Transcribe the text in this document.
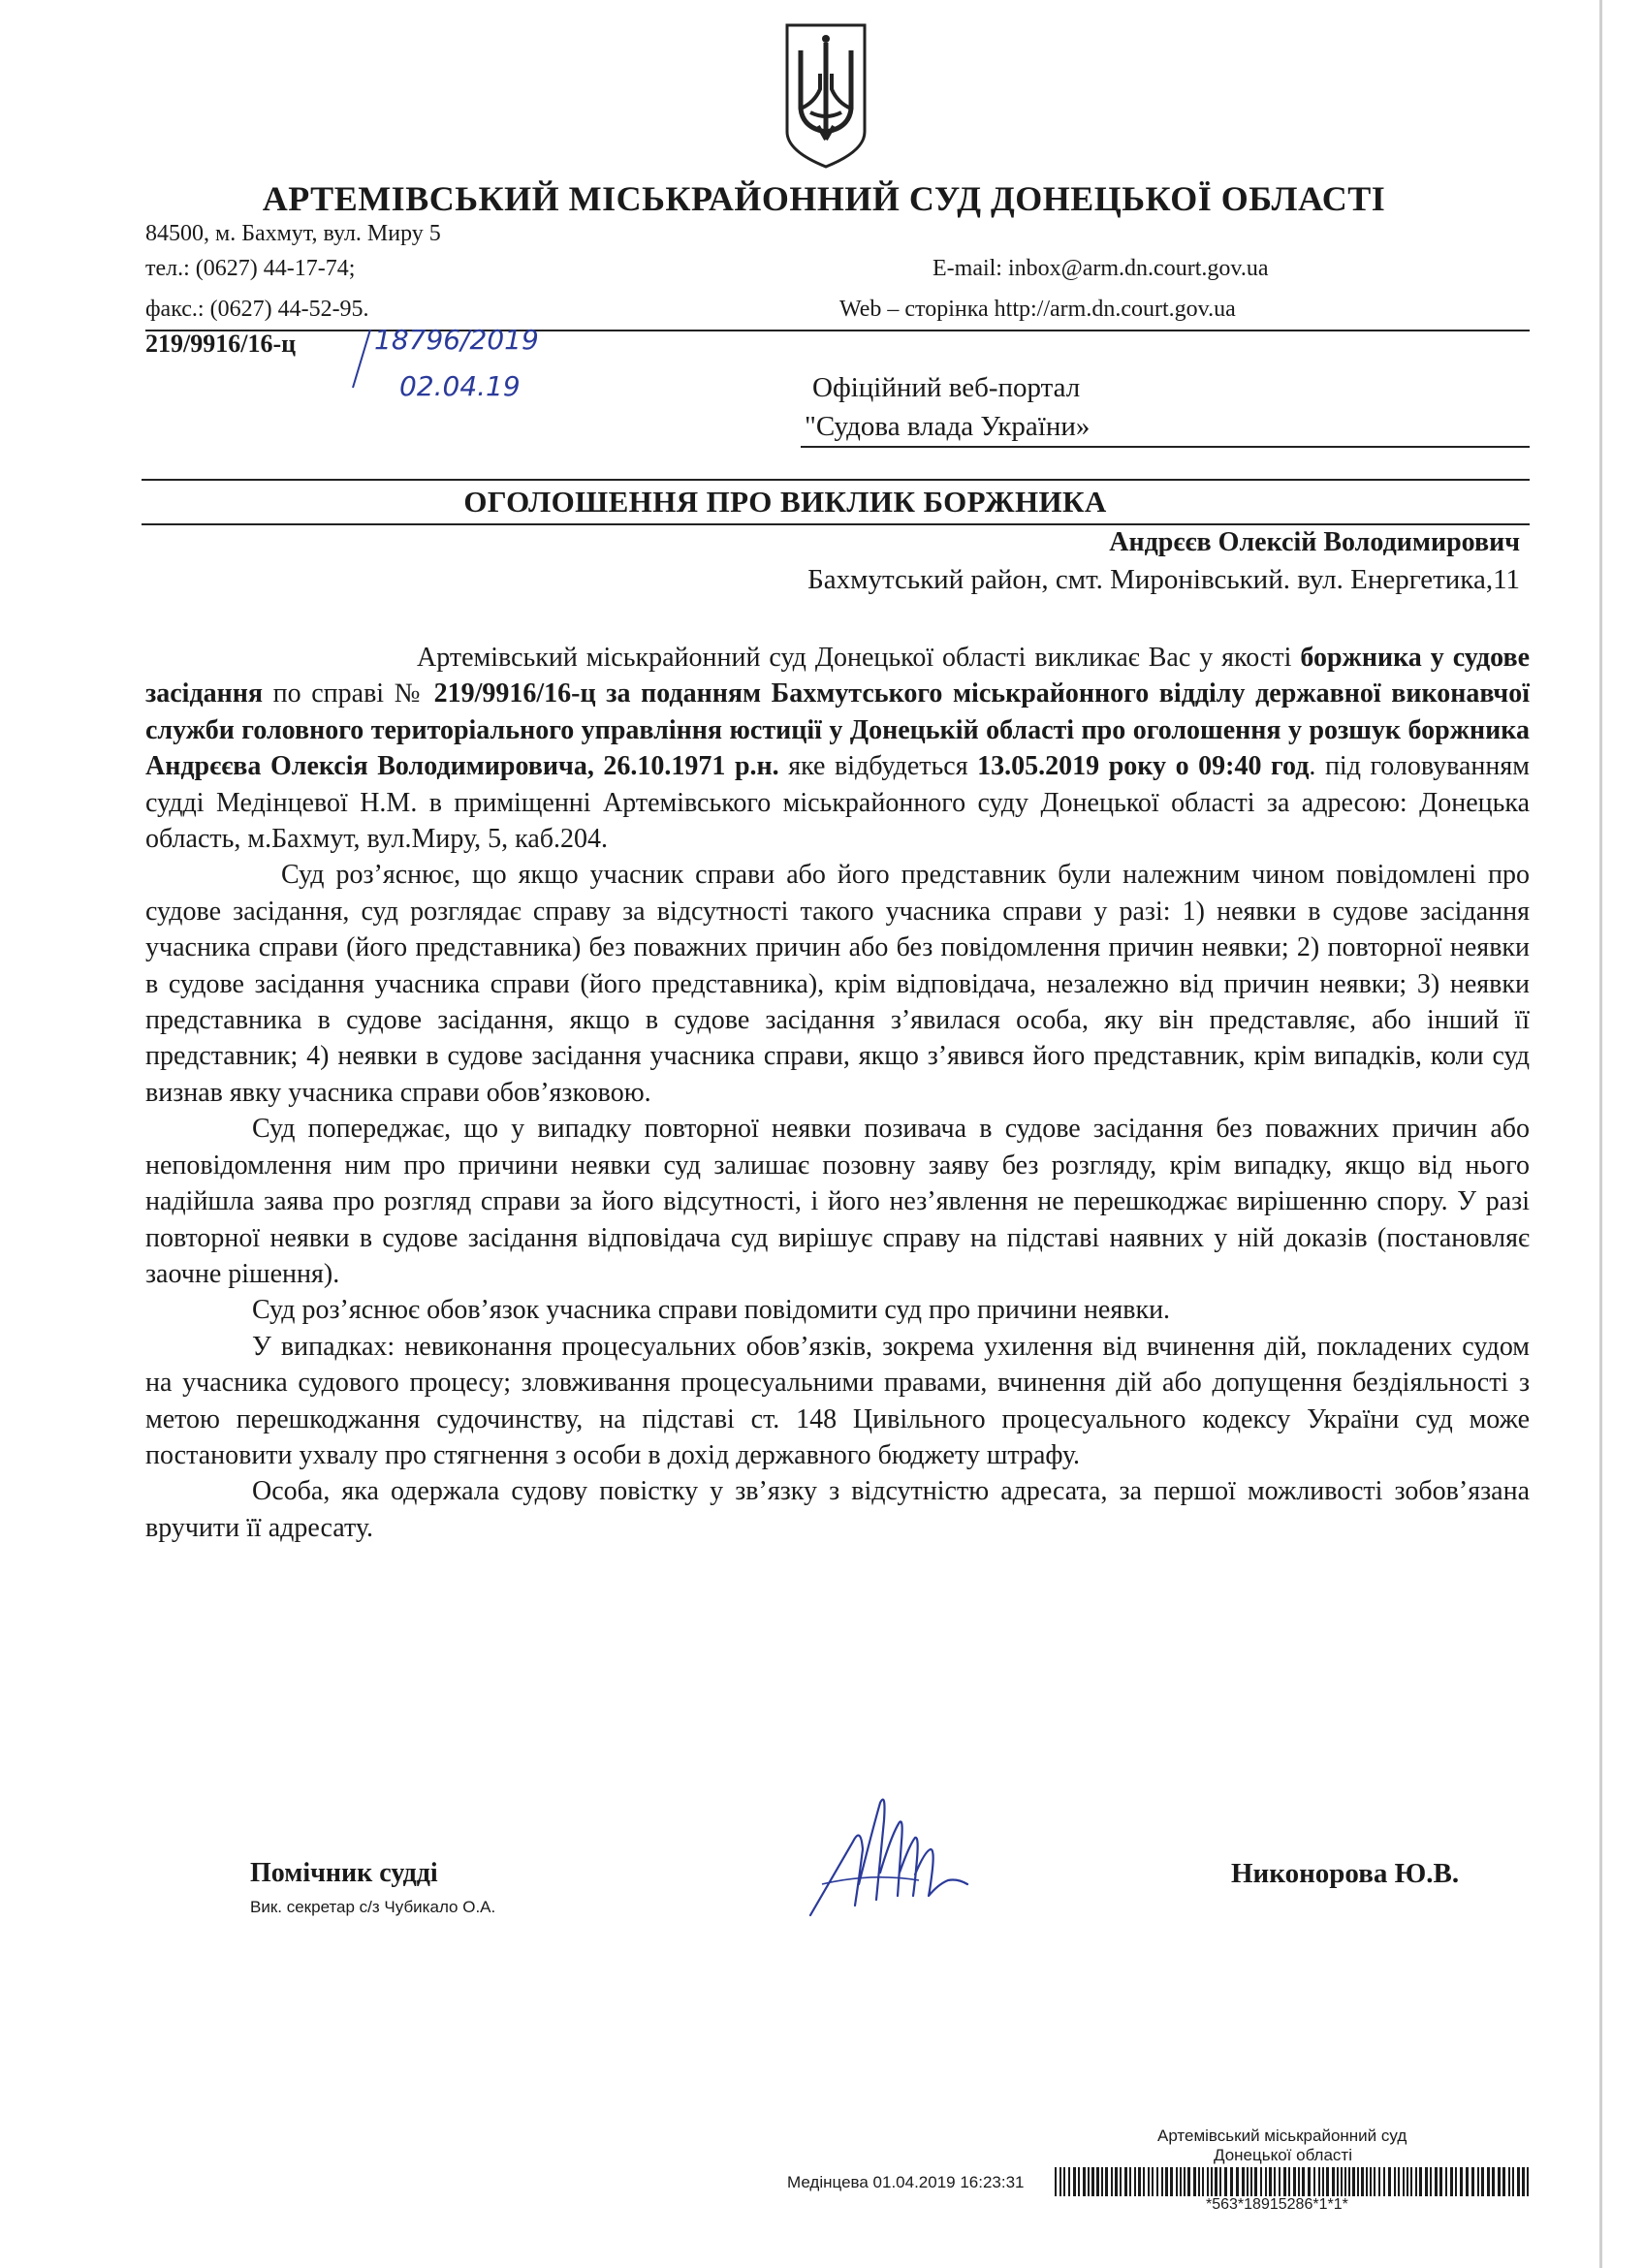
АРТЕМІВСЬКИЙ МІСЬКРАЙОННИЙ СУД ДОНЕЦЬКОЇ ОБЛАСТІ
84500, м. Бахмут, вул. Миру 5
тел.: (0627) 44-17-74;
факс.: (0627) 44-52-95.
E-mail: inbox@arm.dn.court.gov.ua
Web – сторінка http://arm.dn.court.gov.ua
219/9916/16-ц	18796/2019
02.04.19	Офіційний веб-портал
"Судова влада України»
ОГОЛОШЕННЯ ПРО ВИКЛИК БОРЖНИКА
Андрєєв Олексій Володимирович
Бахмутський район, смт. Миронівський. вул. Енергетика,11

Артемівський міськрайонний суд Донецької області викликає Вас у якості боржника у судове засідання по справі № 219/9916/16-ц за поданням Бахмутського міськрайонного відділу державної виконавчої служби головного територіального управління юстиції у Донецькій області про оголошення у розшук боржника Андрєєва Олексія Володимировича, 26.10.1971 р.н. яке відбудеться 13.05.2019 року о 09:40 год. під головуванням судді Медінцевої Н.М. в приміщенні Артемівського міськрайонного суду Донецької області за адресою: Донецька область, м.Бахмут, вул.Миру, 5, каб.204.

Суд роз’яснює, що якщо учасник справи або його представник були належним чином повідомлені про судове засідання, суд розглядає справу за відсутності такого учасника справи у разі: 1) неявки в судове засідання учасника справи (його представника) без поважних причин або без повідомлення причин неявки; 2) повторної неявки в судове засідання учасника справи (його представника), крім відповідача, незалежно від причин неявки; 3) неявки представника в судове засідання, якщо в судове засідання з’явилася особа, яку він представляє, або інший її представник; 4) неявки в судове засідання учасника справи, якщо з’явився його представник, крім випадків, коли суд визнав явку учасника справи обов’язковою.

Суд попереджає, що у випадку повторної неявки позивача в судове засідання без поважних причин або неповідомлення ним про причини неявки суд залишає позовну заяву без розгляду, крім випадку, якщо від нього надійшла заява про розгляд справи за його відсутності, і його нез’явлення не перешкоджає вирішенню спору. У разі повторної неявки в судове засідання відповідача суд вирішує справу на підставі наявних у ній доказів (постановляє заочне рішення).

Суд роз’яснює обов’язок учасника справи повідомити суд про причини неявки.

У випадках: невиконання процесуальних обов’язків, зокрема ухилення від вчинення дій, покладених судом на учасника судового процесу; зловживання процесуальними правами, вчинення дій або допущення бездіяльності з метою перешкоджання судочинству, на підставі ст. 148 Цивільного процесуального кодексу України суд може постановити ухвалу про стягнення з особи в дохід державного бюджету штрафу.

Особа, яка одержала судову повістку у зв’язку з відсутністю адресата, за першої можливості зобов’язана вручити її адресату.

Помічник судді
Вик. секретар с/з Чубикало О.А.
Никонорова Ю.В.
Артемівський міськрайонний суд
Донецької області
Медінцева 01.04.2019 16:23:31
*563*18915286*1*1*
